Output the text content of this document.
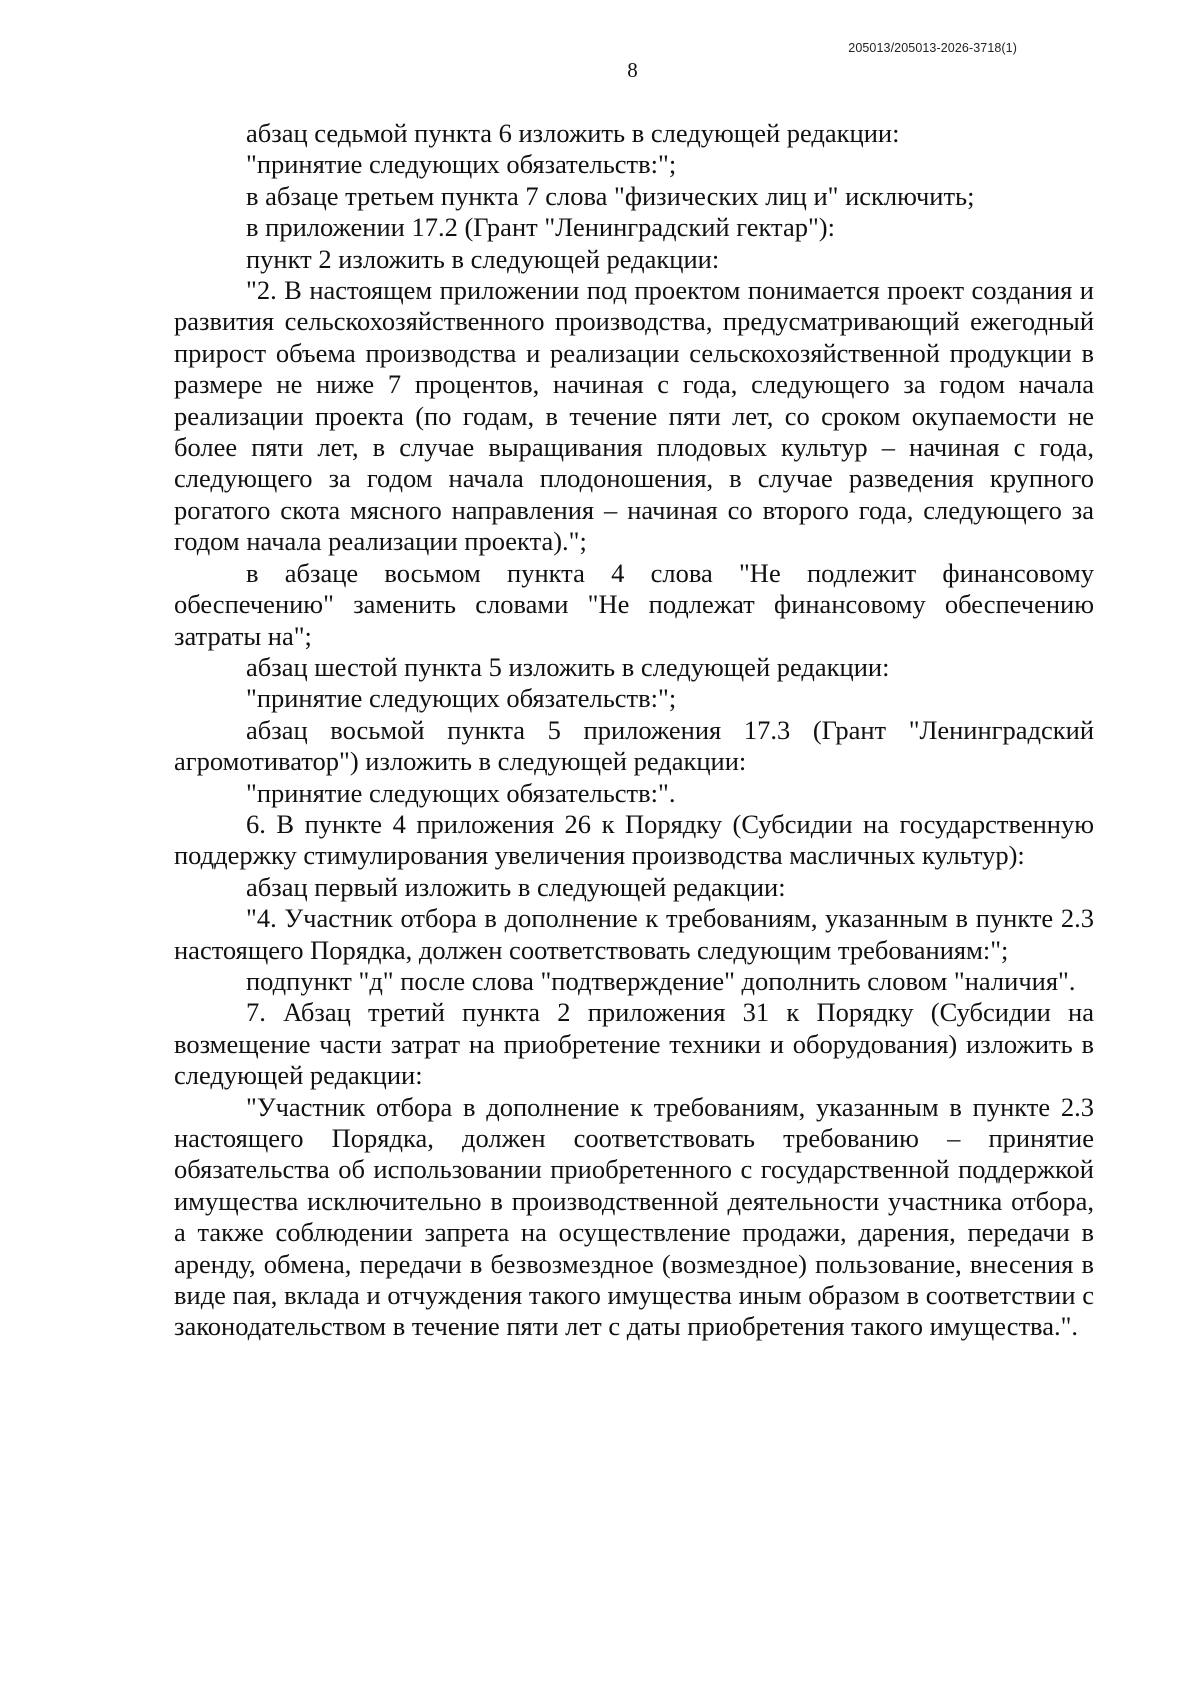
205013/205013-2026-3718(1)
8

абзац седьмой пункта 6 изложить в следующей редакции:

"принятие следующих обязательств:";

в абзаце третьем пункта 7 слова "физических лиц и" исключить;

в приложении 17.2 (Грант "Ленинградский гектар"):

пункт 2 изложить в следующей редакции:

"2. В настоящем приложении под проектом понимается проект создания и развития сельскохозяйственного производства, предусматривающий ежегодный прирост объема производства и реализации сельскохозяйственной продукции в размере не ниже 7 процентов, начиная с года, следующего за годом начала реализации проекта (по годам, в течение пяти лет, со сроком окупаемости не более пяти лет, в случае выращивания плодовых культур – начиная с года, следующего за годом начала плодоношения, в случае разведения крупного рогатого скота мясного направления – начиная со второго года, следующего за годом начала реализации проекта).";

в абзаце восьмом пункта 4 слова "Не подлежит финансовому обеспечению" заменить словами "Не подлежат финансовому обеспечению затраты на";

абзац шестой пункта 5 изложить в следующей редакции:

"принятие следующих обязательств:";

абзац восьмой пункта 5 приложения 17.3 (Грант "Ленинградский агромотиватор") изложить в следующей редакции:

"принятие следующих обязательств:".

6. В пункте 4 приложения 26 к Порядку (Субсидии на государственную поддержку стимулирования увеличения производства масличных культур):

абзац первый изложить в следующей редакции:

"4. Участник отбора в дополнение к требованиям, указанным в пункте 2.3 настоящего Порядка, должен соответствовать следующим требованиям:";

подпункт "д" после слова "подтверждение" дополнить словом "наличия".

7. Абзац третий пункта 2 приложения 31 к Порядку (Субсидии на возмещение части затрат на приобретение техники и оборудования) изложить в следующей редакции:

"Участник отбора в дополнение к требованиям, указанным в пункте 2.3 настоящего Порядка, должен соответствовать требованию – принятие обязательства об использовании приобретенного с государственной поддержкой имущества исключительно в производственной деятельности участника отбора, а также соблюдении запрета на осуществление продажи, дарения, передачи в аренду, обмена, передачи в безвозмездное (возмездное) пользование, внесения в виде пая, вклада и отчуждения такого имущества иным образом в соответствии с законодательством в течение пяти лет с даты приобретения такого имущества.".
